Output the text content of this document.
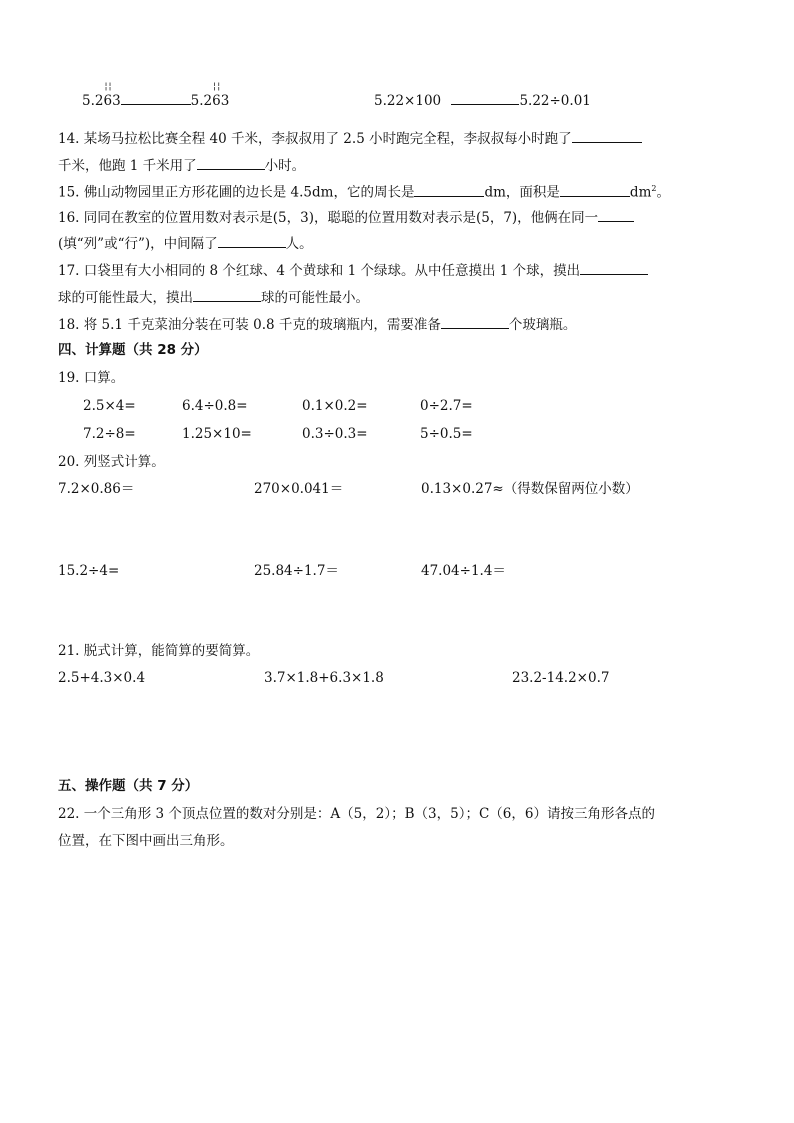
5.2
¦¦
63	5.2
¦¦
63	5.22×100	5.22÷0.01
14. 某场马拉松比赛全程 40 千米，李叔叔用了 2.5 小时跑完全程，李叔叔每小时跑了
千米，他跑 1 千米用了	小时。
15. 佛山动物园里正方形花圃的边长是 4.5dm，它的周长是	dm，面积是	$dm^2$。
16. 同同在教室的位置用数对表示是(5，3)，聪聪的位置用数对表示是(5，7)，他俩在同一
(填“列”或“行”)，中间隔了	人。
17. 口袋里有大小相同的 8 个红球、4 个黄球和 1 个绿球。从中任意摸出 1 个球，摸出
球的可能性最大，摸出	球的可能性最小。
18. 将 5.1 千克菜油分装在可装 0.8 千克的玻璃瓶内，需要准备	个玻璃瓶。
四、计算题（共 28 分）
19. 口算。
2.5×4=	6.4÷0.8=	0.1×0.2=	0÷2.7=
7.2÷8=	1.25×10=	0.3÷0.3=	5÷0.5=
20. 列竖式计算。
7.2×0.86＝	270×0.041＝	0.13×0.27≈（得数保留两位小数）
15.2÷4=	25.84÷1.7＝	47.04÷1.4＝
21. 脱式计算，能简算的要简算。
2.5+4.3×0.4	3.7×1.8+6.3×1.8	23.2-14.2×0.7
五、操作题（共 7 分）
22. 一个三角形 3 个顶点位置的数对分别是：A（5，2）；B（3，5）；C（6，6）请按三角形各点的
位置，在下图中画出三角形。
